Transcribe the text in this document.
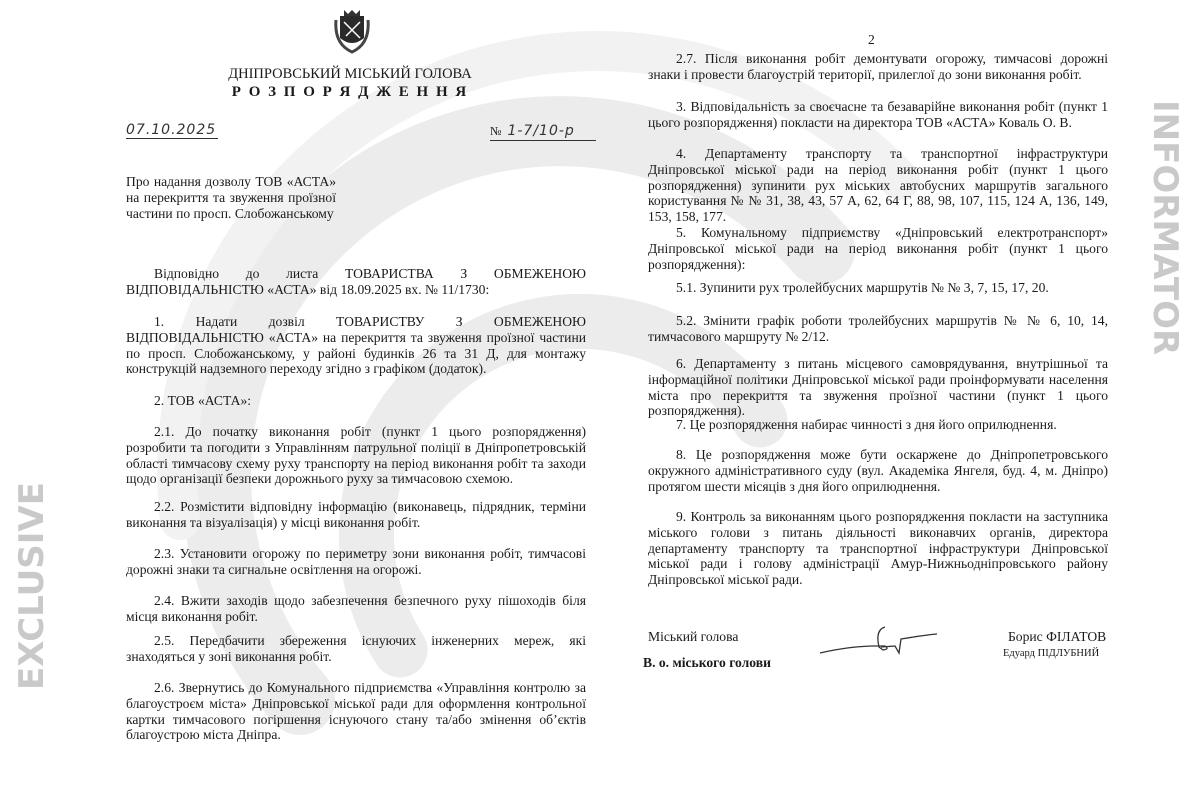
EXCLUSIVE
INFORMATOR
ДНІПРОВСЬКИЙ МІСЬКИЙ ГОЛОВА
Р О З П О Р Я Д Ж Е Н Н Я
07.10.2025	№ 1-7/10-р

Про надання дозволу ТОВ «АСТА» на перекриття та звуження проїзної частини по просп. Слобожанському

Відповідно до листа ТОВАРИСТВА З ОБМЕЖЕНОЮ ВІДПОВІДАЛЬНІСТЮ «АСТА» від 18.09.2025 вх. № 11/1730:

1. Надати дозвіл ТОВАРИСТВУ З ОБМЕЖЕНОЮ ВІДПОВІДАЛЬНІСТЮ «АСТА» на перекриття та звуження проїзної частини по просп. Слобожанському, у районі будинків 26 та 31 Д, для монтажу конструкцій надземного переходу згідно з графіком (додаток).

2. ТОВ «АСТА»:

2.1. До початку виконання робіт (пункт 1 цього розпорядження) розробити та погодити з Управлінням патрульної поліції в Дніпропетровській області тимчасову схему руху транспорту на період виконання робіт та заходи щодо організації безпеки дорожнього руху за тимчасовою схемою.

2.2. Розмістити відповідну інформацію (виконавець, підрядник, терміни виконання та візуалізація) у місці виконання робіт.

2.3. Установити огорожу по периметру зони виконання робіт, тимчасові дорожні знаки та сигнальне освітлення на огорожі.

2.4. Вжити заходів щодо забезпечення безпечного руху пішоходів біля місця виконання робіт.

2.5. Передбачити збереження існуючих інженерних мереж, які знаходяться у зоні виконання робіт.

2.6. Звернутись до Комунального підприємства «Управління контролю за благоустроєм міста» Дніпровської міської ради для оформлення контрольної картки тимчасового погіршення існуючого стану та/або змінення об’єктів благоустрою міста Дніпра.

2

2.7. Після виконання робіт демонтувати огорожу, тимчасові дорожні знаки і провести благоустрій території, прилеглої до зони виконання робіт.

3. Відповідальність за своєчасне та безаварійне виконання робіт (пункт 1 цього розпорядження) покласти на директора ТОВ «АСТА» Коваль О. В.

4. Департаменту транспорту та транспортної інфраструктури Дніпровської міської ради на період виконання робіт (пункт 1 цього розпорядження) зупинити рух міських автобусних маршрутів загального користування № № 31, 38, 43, 57 А, 62, 64 Г, 88, 98, 107, 115, 124 А, 136, 149, 153, 158, 177.

5. Комунальному підприємству «Дніпровський електротранспорт» Дніпровської міської ради на період виконання робіт (пункт 1 цього розпорядження):

5.1. Зупинити рух тролейбусних маршрутів № № 3, 7, 15, 17, 20.

5.2. Змінити графік роботи тролейбусних маршрутів № № 6, 10, 14, тимчасового маршруту № 2/12.

6. Департаменту з питань місцевого самоврядування, внутрішньої та інформаційної політики Дніпровської міської ради проінформувати населення міста про перекриття та звуження проїзної частини (пункт 1 цього розпорядження).

7. Це розпорядження набирає чинності з дня його оприлюднення.

8. Це розпорядження може бути оскаржене до Дніпропетровського окружного адміністративного суду (вул. Академіка Янгеля, буд. 4, м. Дніпро) протягом шести місяців з дня його оприлюднення.

9. Контроль за виконанням цього розпорядження покласти на заступника міського голови з питань діяльності виконавчих органів, директора департаменту транспорту та транспортної інфраструктури Дніпровської міської ради і голову адміністрації Амур-Нижньодніпровського району Дніпровської міської ради.

Міський голова
В. о. міського голови
Борис ФІЛАТОВ
Едуард ПІДЛУБНИЙ
